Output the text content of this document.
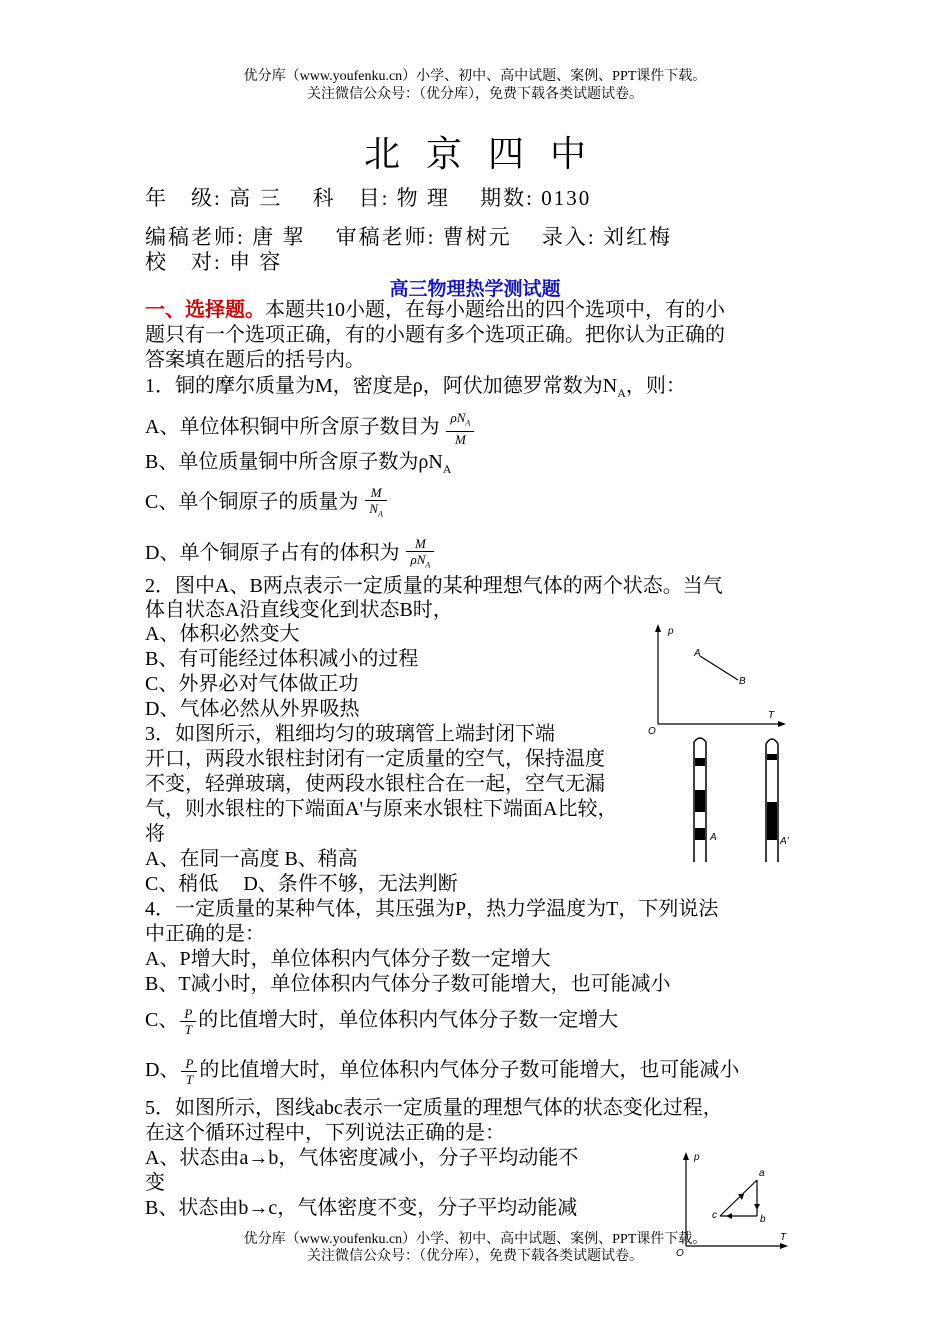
优分库（www.youfenku.cn）小学、初中、高中试题、案例、PPT课件下载。
关注微信公众号：（优分库），免费下载各类试题试卷。
北京四中
年　级: 高 三　 科　目: 物 理　 期数: 0130
编稿老师: 唐 挈　 审稿老师: 曹树元　 录入: 刘红梅
校　对: 申 容
高三物理热学测试题
一、选择题。本题共10小题，在每小题给出的四个选项中，有的小
题只有一个选项正确，有的小题有多个选项正确。把你认为正确的
答案填在题后的括号内。
1．铜的摩尔质量为M，密度是ρ，阿伏加德罗常数为$N_A$，则：
A、单位体积铜中所含原子数目为 $\frac{\rho N_A}{M}$
B、单位质量铜中所含原子数为$\rho N_A$
C、单个铜原子的质量为 $\frac{M}{N_A}$
D、单个铜原子占有的体积为 $\frac{M}{\rho N_A}$
2．图中A、B两点表示一定质量的某种理想气体的两个状态。当气
体自状态A沿直线变化到状态B时，
A、体积必然变大
B、有可能经过体积减小的过程
C、外界必对气体做正功
D、气体必然从外界吸热
p
T
O
A
B
3．如图所示，粗细均匀的玻璃管上端封闭下端
开口，两段水银柱封闭有一定质量的空气，保持温度
不变，轻弹玻璃，使两段水银柱合在一起，空气无漏
气，则水银柱的下端面A'与原来水银柱下端面A比较，
将
A、在同一高度 B、稍高
C、稍低　 D、条件不够，无法判断
A	A'
4．一定质量的某种气体，其压强为P，热力学温度为T，下列说法
中正确的是：
A、P增大时，单位体积内气体分子数一定增大
B、T减小时，单位体积内气体分子数可能增大，也可能减小
C、 $\frac{P}{T}$ 的比值增大时，单位体积内气体分子数一定增大
D、 $\frac{P}{T}$ 的比值增大时，单位体积内气体分子数可能增大，也可能减小
5．如图所示，图线abc表示一定质量的理想气体的状态变化过程，
在这个循环过程中，下列说法正确的是：
A、状态由a→b，气体密度减小，分子平均动能不
变
B、状态由b→c，气体密度不变，分子平均动能减
p
T
O
a
b
c
优分库（www.youfenku.cn）小学、初中、高中试题、案例、PPT课件下载。
关注微信公众号：（优分库），免费下载各类试题试卷。
